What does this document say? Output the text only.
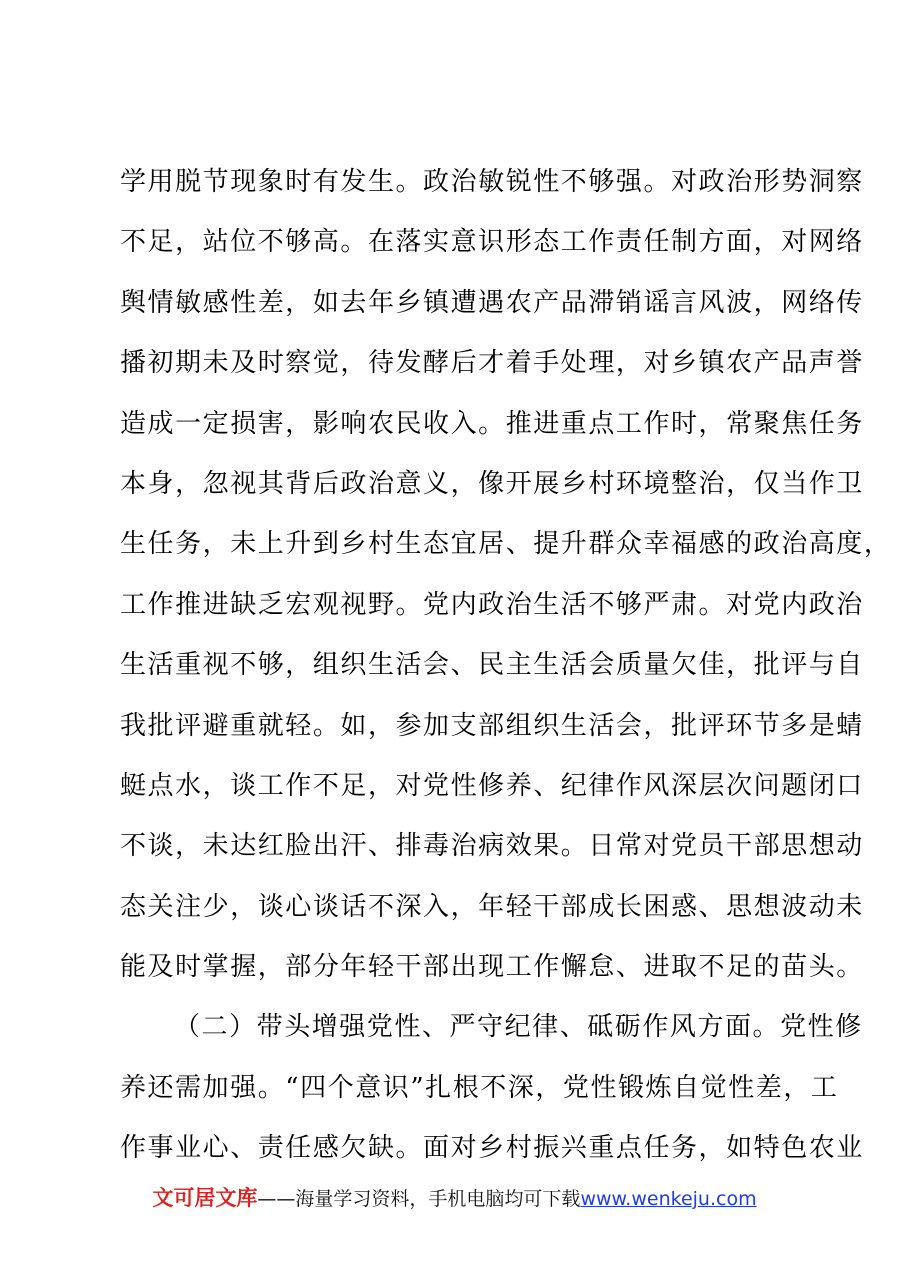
学用脱节现象时有发生。政治敏锐性不够强。对政治形势洞察
不足，站位不够高。在落实意识形态工作责任制方面，对网络
舆情敏感性差，如去年乡镇遭遇农产品滞销谣言风波，网络传
播初期未及时察觉，待发酵后才着手处理，对乡镇农产品声誉
造成一定损害，影响农民收入。推进重点工作时，常聚焦任务
本身，忽视其背后政治意义，像开展乡村环境整治，仅当作卫
生任务，未上升到乡村生态宜居、提升群众幸福感的政治高度，
工作推进缺乏宏观视野。党内政治生活不够严肃。对党内政治
生活重视不够，组织生活会、民主生活会质量欠佳，批评与自
我批评避重就轻。如，参加支部组织生活会，批评环节多是蜻
蜓点水，谈工作不足，对党性修养、纪律作风深层次问题闭口
不谈，未达红脸出汗、排毒治病效果。日常对党员干部思想动
态关注少，谈心谈话不深入，年轻干部成长困惑、思想波动未
能及时掌握，部分年轻干部出现工作懈怠、进取不足的苗头。
（二）带头增强党性、严守纪律、砥砺作风方面。党性修
养还需加强。“四个意识”扎根不深，党性锻炼自觉性差，工
作事业心、责任感欠缺。面对乡村振兴重点任务，如特色农业
文可居文库——海量学习资料，手机电脑均可下载www.wenkeju.com
